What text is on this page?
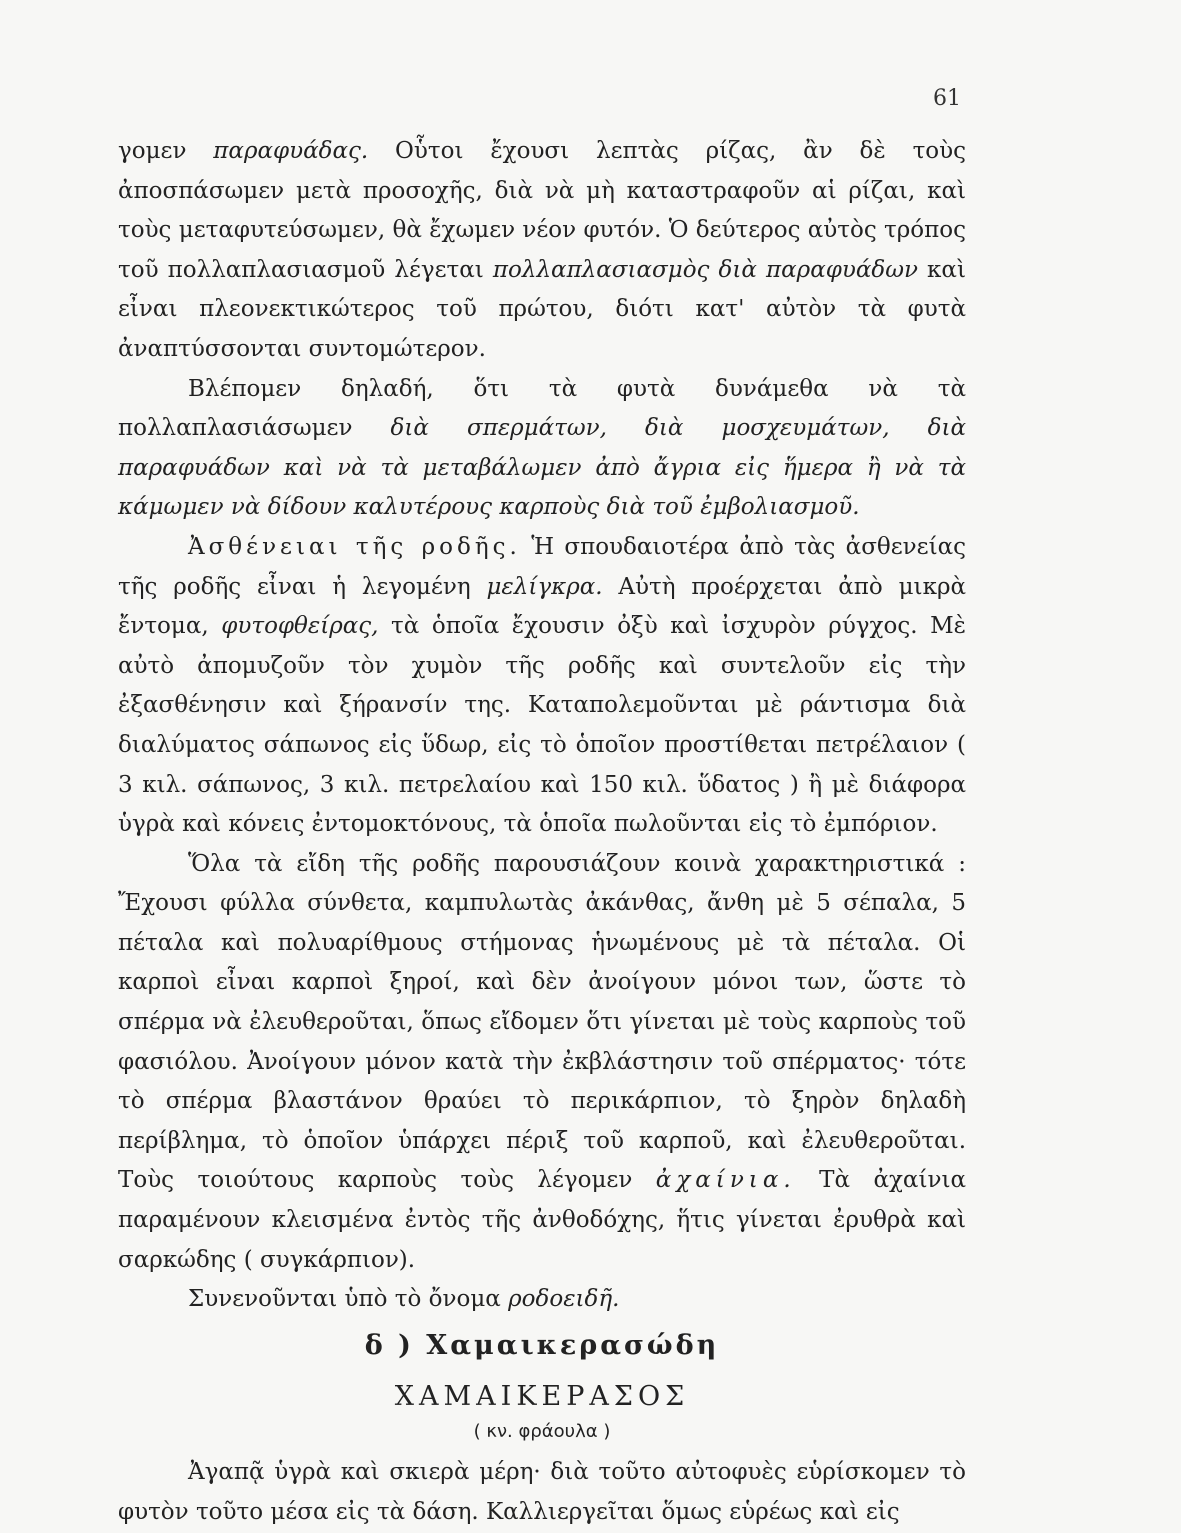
61

γομεν παραφυάδας. Οὗτοι ἔχουσι λεπτὰς ρίζας, ἂν δὲ τοὺς ἀποσπάσωμεν μετὰ προσοχῆς, διὰ νὰ μὴ καταστραφοῦν αἱ ρίζαι, καὶ τοὺς μεταφυτεύσωμεν, θὰ ἔχωμεν νέον φυτόν. Ὁ δεύτερος αὐτὸς τρόπος τοῦ πολλαπλασιασμοῦ λέγεται πολλαπλασιασμὸς διὰ παραφυάδων καὶ εἶναι πλεονεκτικώτερος τοῦ πρώτου, διότι κατ' αὐτὸν τὰ φυτὰ ἀναπτύσσονται συντομώτερον.

Βλέπομεν δηλαδή, ὅτι τὰ φυτὰ δυνάμεθα νὰ τὰ πολλαπλασιάσωμεν διὰ σπερμάτων, διὰ μοσχευμάτων, διὰ παραφυάδων καὶ νὰ τὰ μεταβάλωμεν ἀπὸ ἄγρια εἰς ἥμερα ἢ νὰ τὰ κάμωμεν νὰ δίδουν καλυτέρους καρποὺς διὰ τοῦ ἐμβολιασμοῦ.

Ἀσθένειαι τῆς ροδῆς. Ἡ σπουδαιοτέρα ἀπὸ τὰς ἀσθενείας τῆς ροδῆς εἶναι ἡ λεγομένη μελίγκρα. Αὐτὴ προέρχεται ἀπὸ μικρὰ ἔντομα, φυτοφθείρας, τὰ ὁποῖα ἔχουσιν ὀξὺ καὶ ἰσχυρὸν ρύγχος. Μὲ αὐτὸ ἀπομυζοῦν τὸν χυμὸν τῆς ροδῆς καὶ συντελοῦν εἰς τὴν ἐξασθένησιν καὶ ξήρανσίν της. Καταπολεμοῦνται μὲ ράντισμα διὰ διαλύματος σάπωνος εἰς ὕδωρ, εἰς τὸ ὁποῖον προστίθεται πετρέλαιον ( 3 κιλ. σάπωνος, 3 κιλ. πετρελαίου καὶ 150 κιλ. ὕδατος ) ἢ μὲ διάφορα ὑγρὰ καὶ κόνεις ἐντομοκτόνους, τὰ ὁποῖα πωλοῦνται εἰς τὸ ἐμπόριον.

Ὅλα τὰ εἴδη τῆς ροδῆς παρουσιάζουν κοινὰ χαρακτηριστικά : Ἔχουσι φύλλα σύνθετα, καμπυλωτὰς ἀκάνθας, ἄνθη μὲ 5 σέπαλα, 5 πέταλα καὶ πολυαρίθμους στήμονας ἡνωμένους μὲ τὰ πέταλα. Οἱ καρποὶ εἶναι καρποὶ ξηροί, καὶ δὲν ἀνοίγουν μόνοι των, ὥστε τὸ σπέρμα νὰ ἐλευθεροῦται, ὅπως εἴδομεν ὅτι γίνεται μὲ τοὺς καρποὺς τοῦ φασιόλου. Ἀνοίγουν μόνον κατὰ τὴν ἐκβλάστησιν τοῦ σπέρματος· τότε τὸ σπέρμα βλαστάνον θραύει τὸ περικάρπιον, τὸ ξηρὸν δηλαδὴ περίβλημα, τὸ ὁποῖον ὑπάρχει πέριξ τοῦ καρποῦ, καὶ ἐλευθεροῦται. Τοὺς τοιούτους καρποὺς τοὺς λέγομεν ἀχαίνια. Τὰ ἀχαίνια παραμένουν κλεισμένα ἐντὸς τῆς ἀνθοδόχης, ἥτις γίνεται ἐρυθρὰ καὶ σαρκώδης ( συγκάρπιον).

Συνενοῦνται ὑπὸ τὸ ὄνομα ροδοειδῆ.

δ ) Χαμαικερασώδη
ΧΑΜΑΙΚΕΡΑΣΟΣ
( κν. φράουλα )

Ἀγαπᾷ ὑγρὰ καὶ σκιερὰ μέρη· διὰ τοῦτο αὐτοφυὲς εὑρίσκομεν τὸ φυτὸν τοῦτο μέσα εἰς τὰ δάση. Καλλιεργεῖται ὅμως εὑρέως καὶ εἰς
